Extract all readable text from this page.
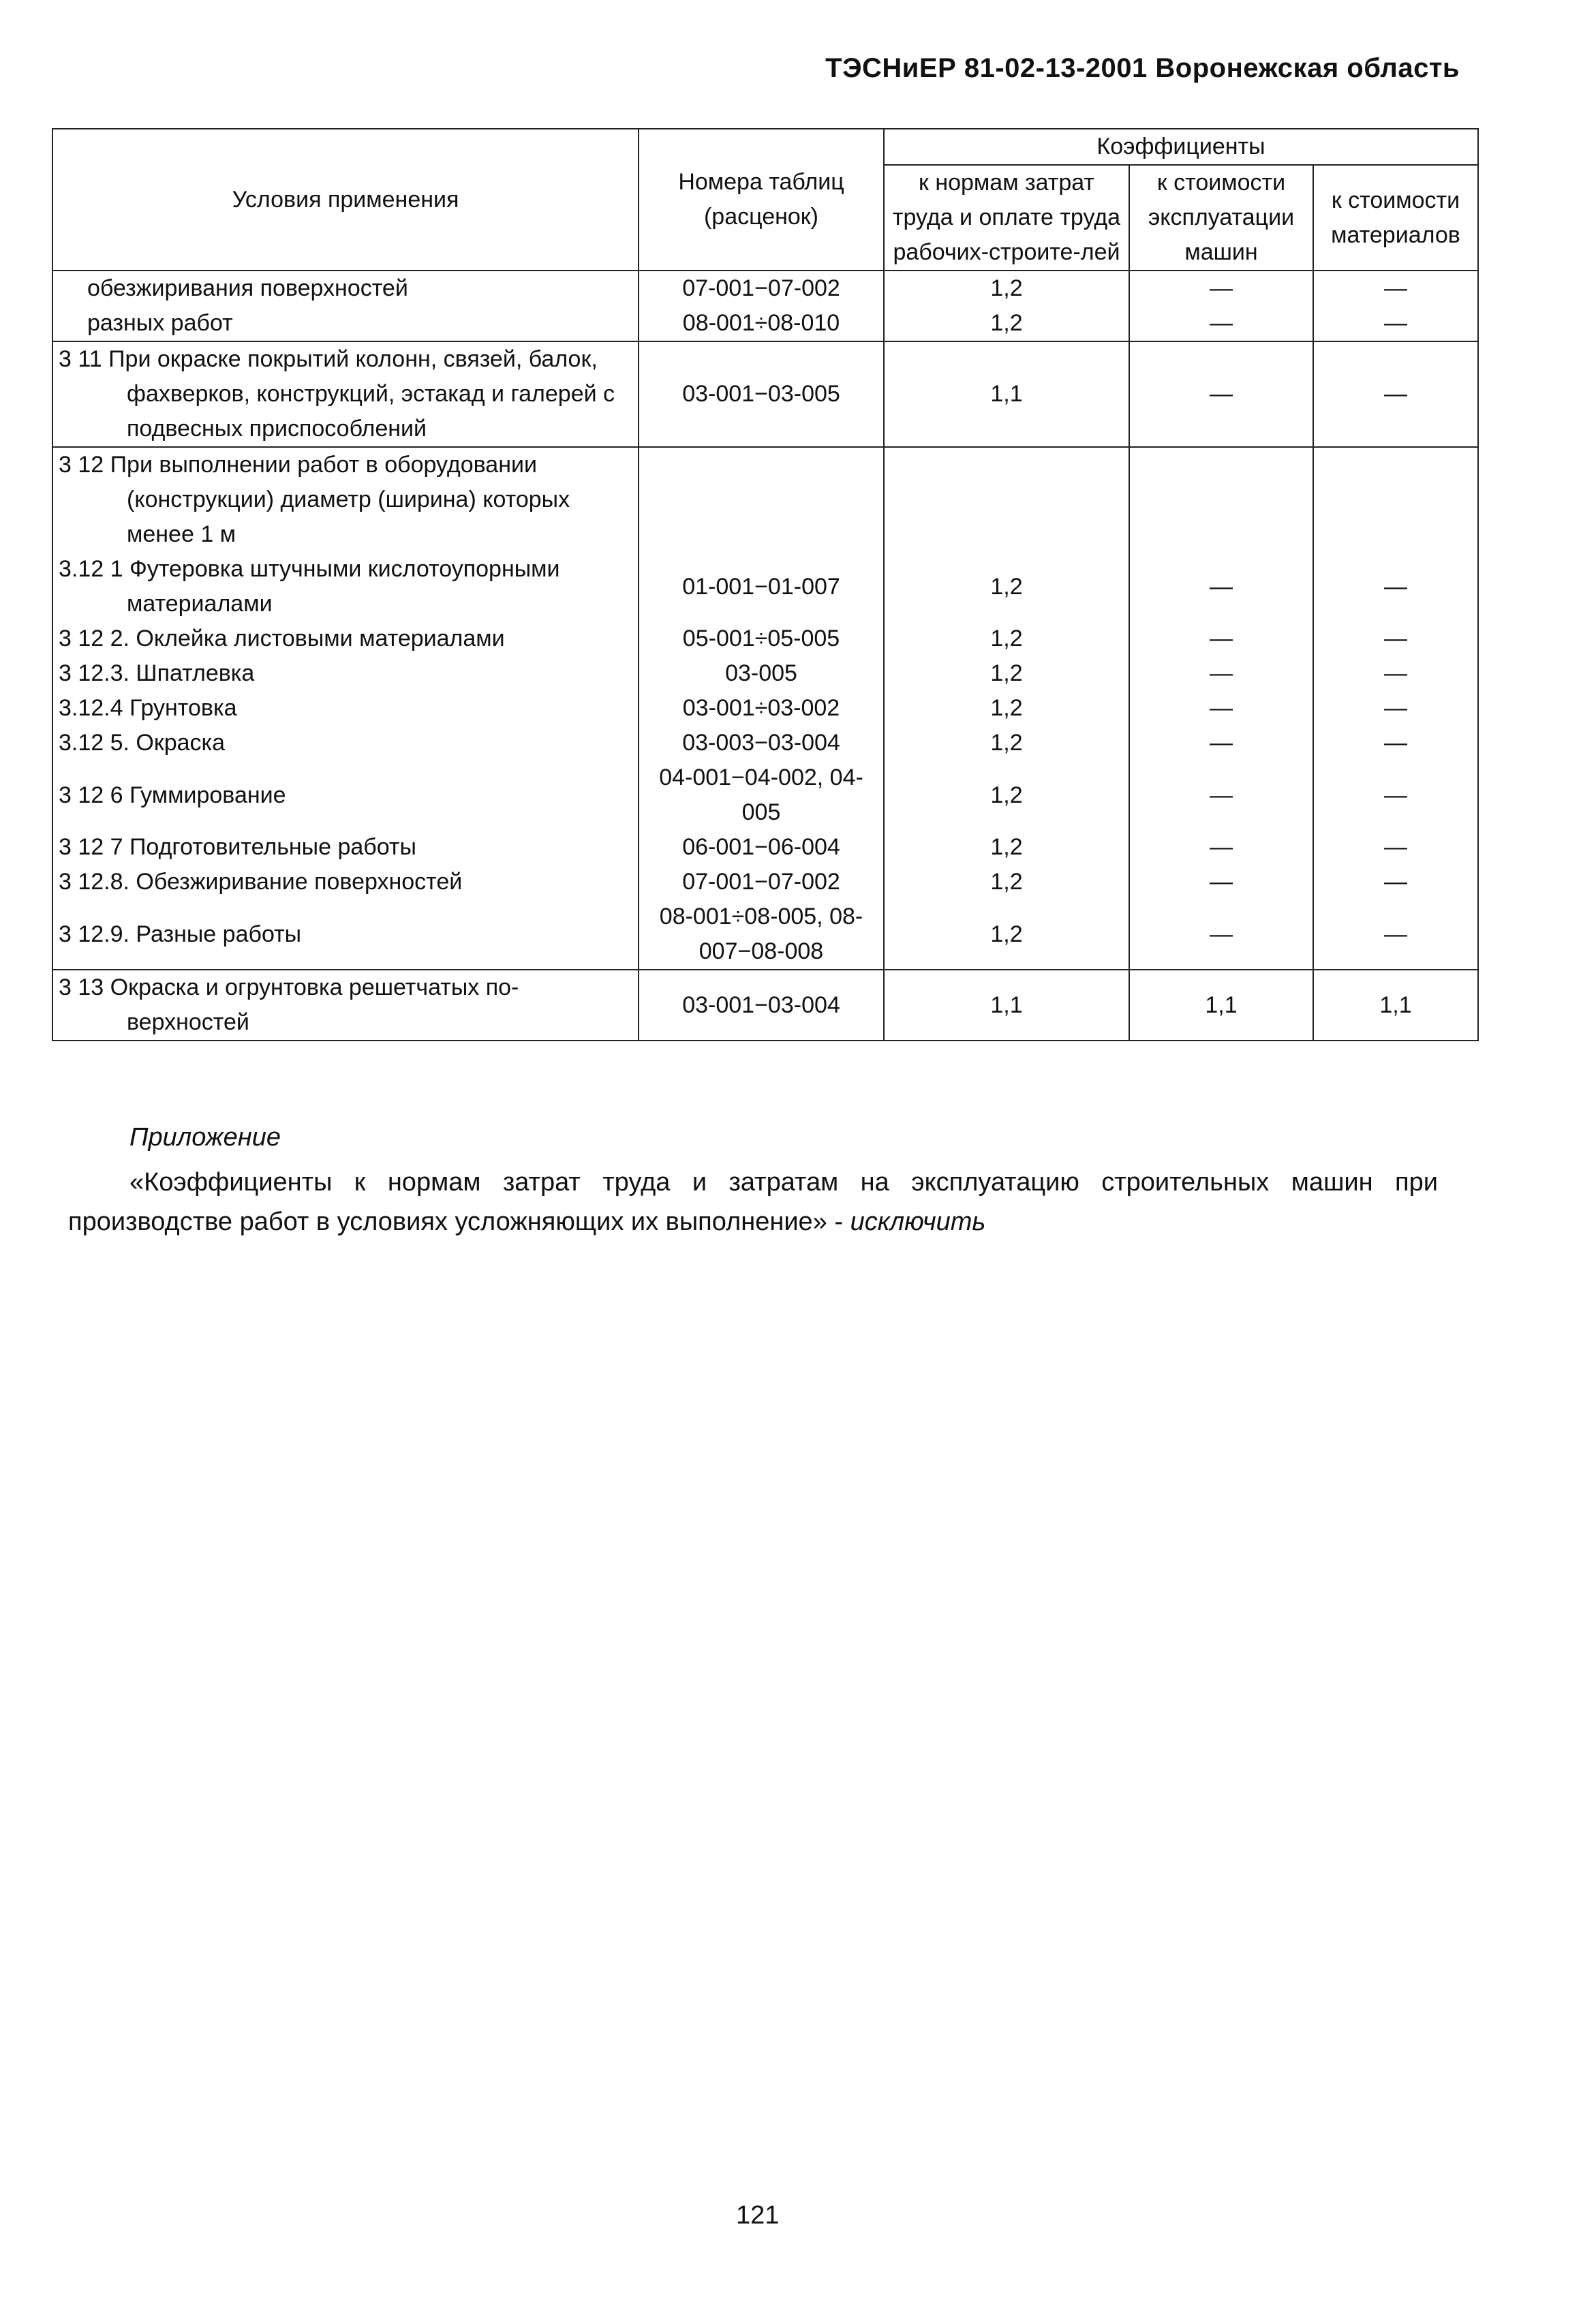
ТЭСНиЕР 81-02-13-2001 Воронежская область
Условия применения	Номера таблиц (расценок)	Коэффициенты		
		к нормам затрат труда и оплате труда рабочих-строите-лей	к стоимости эксплуатации машин	к стоимости материалов
обезжиривания поверхностей	07-001−07-002	1,2	—	—
разных работ	08-001÷08-010	1,2	—	—
3 11 При окраске покрытий колонн, связей, балок, фахверков, конструкций, эстакад и галерей с подвесных приспособлений	03-001−03-005	1,1	—	—
3 12 При выполнении работ в оборудовании (конструкции) диаметр (ширина) которых менее 1 м				
3.12 1 Футеровка штучными кислотоупорными материалами	01-001−01-007	1,2	—	—
3 12 2. Оклейка листовыми материалами	05-001÷05-005	1,2	—	—
3 12.3. Шпатлевка	03-005	1,2	—	—
3.12.4 Грунтовка	03-001÷03-002	1,2	—	—
3.12 5. Окраска	03-003−03-004	1,2	—	—
3 12 6 Гуммирование	04-001−04-002, 04-005	1,2	—	—
3 12 7 Подготовительные работы	06-001−06-004	1,2	—	—
3 12.8. Обезжиривание поверхностей	07-001−07-002	1,2	—	—
3 12.9. Разные работы	08-001÷08-005, 08-007−08-008	1,2	—	—
3 13 Окраска и огрунтовка решетчатых по-верхностей	03-001−03-004	1,1	1,1	1,1
Приложение
«Коэффициенты к нормам затрат труда и затратам на эксплуатацию строительных машин при производстве работ в условиях усложняющих их выполнение» - исключить
121
